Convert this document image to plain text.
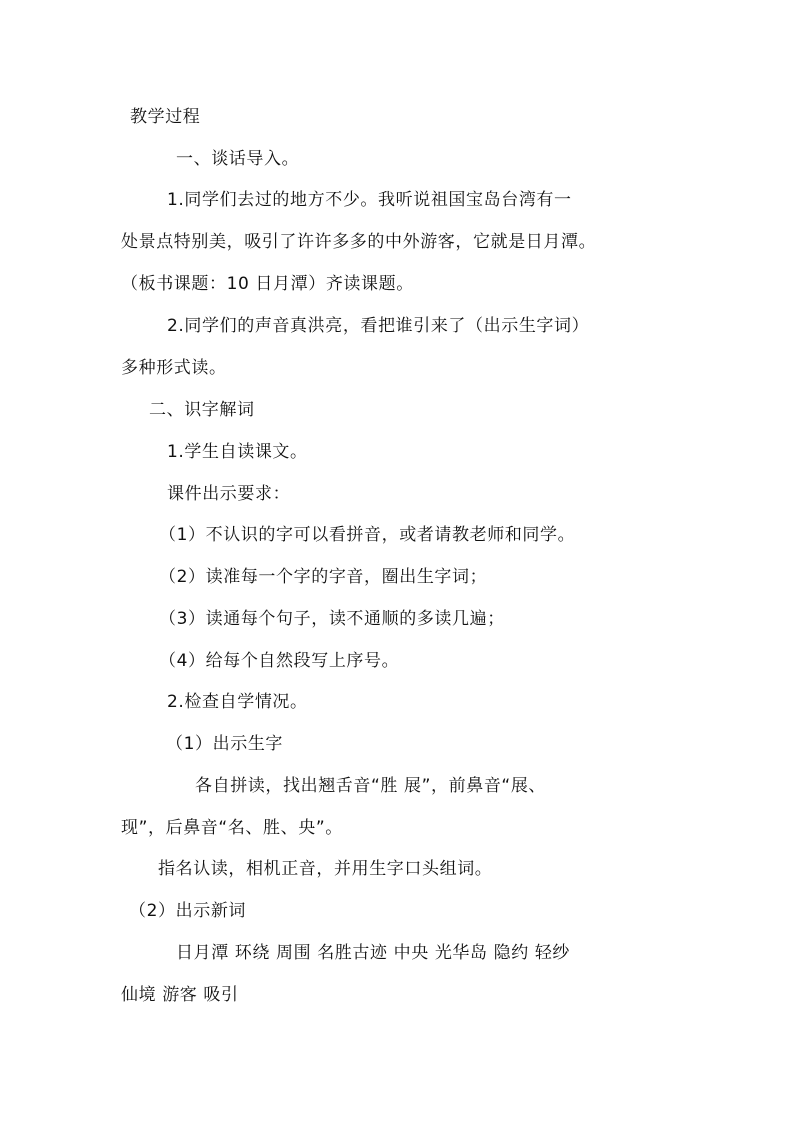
教学过程
一、谈话导入。
1.同学们去过的地方不少。我听说祖国宝岛台湾有一
处景点特别美，吸引了许许多多的中外游客，它就是日月潭。
（板书课题：10 日月潭）齐读课题。
2.同学们的声音真洪亮，看把谁引来了（出示生字词）
多种形式读。
二、识字解词
1.学生自读课文。
课件出示要求：
（1）不认识的字可以看拼音，或者请教老师和同学。
（2）读准每一个字的字音，圈出生字词；
（3）读通每个句子，读不通顺的多读几遍；
（4）给每个自然段写上序号。
2.检查自学情况。
（1）出示生字
各自拼读，找出翘舌音“胜 展”，前鼻音“展、
现”，后鼻音“名、胜、央”。
指名认读，相机正音，并用生字口头组词。
（2）出示新词
日月潭 环绕 周围 名胜古迹 中央 光华岛 隐约 轻纱
仙境 游客 吸引
